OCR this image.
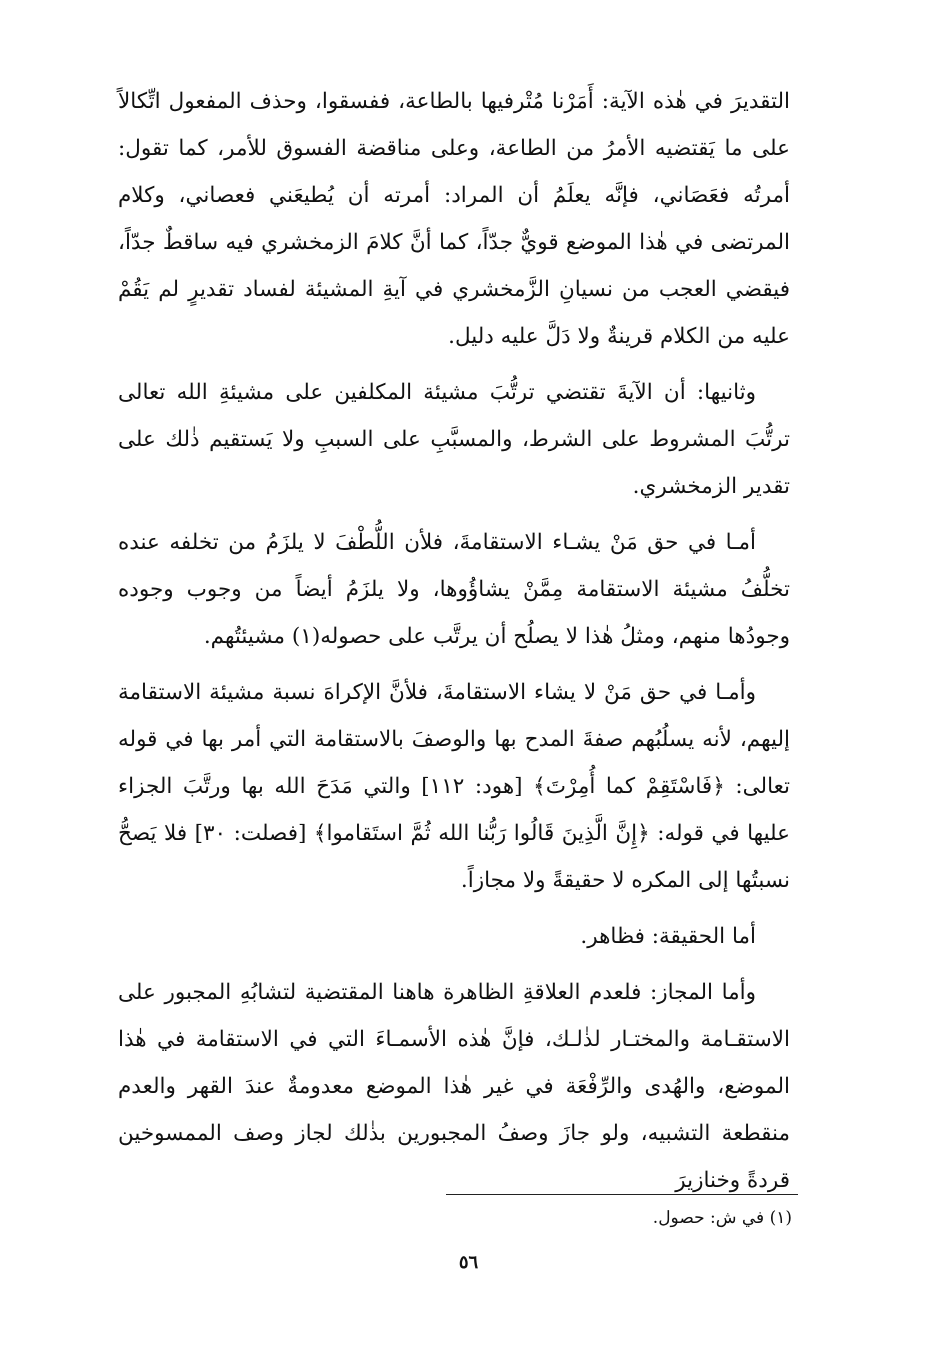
التقديرَ في هٰذه الآية: أَمَرْنا مُتْرفيها بالطاعة، ففسقوا، وحذف المفعول اتِّكالاً على ما يَقتضيه الأمرُ من الطاعة، وعلى مناقضة الفسوق للأمر، كما تقول: أمرتُه فعَصَاني، فإنَّه يعلَمُ أن المراد: أمرته أن يُطيعَني فعصاني، وكلام المرتضى في هٰذا الموضع قويٌّ جدّاً، كما أنَّ كلامَ الزمخشري فيه ساقطٌ جدّاً، فيقضي العجب من نسيانِ الزَّمخشري في آيةِ المشيئة لفساد تقديرٍ لم يَقُمْ عليه من الكلام قرينةٌ ولا دَلَّ عليه دليل.

وثانيها: أن الآيةَ تقتضي ترتُّبَ مشيئة المكلفين على مشيئةِ الله تعالى ترتُّبَ المشروط على الشرط، والمسبَّبِ على السببِ ولا يَستقيم ذٰلك على تقدير الزمخشري.

أمـا في حق مَنْ يشـاء الاستقامةَ، فلأن اللُّطْفَ لا يلزَمُ من تخلفه عنده تخلُّفُ مشيئة الاستقامة مِمَّنْ يشاؤُوها، ولا يلزَمُ أيضاً من وجوب وجوده وجودُها منهم، ومثلُ هٰذا لا يصلُح أن يرتَّب على حصوله(١) مشيئتُهم.

وأمـا في حق مَنْ لا يشاء الاستقامةَ، فلأنَّ الإكراهَ نسبة مشيئة الاستقامة إليهم، لأنه يسلُبُهم صفةَ المدح بها والوصفَ بالاستقامة التي أمر بها في قوله تعالى: ﴿فَاسْتَقِمْ كما أُمِرْتَ﴾ [هود: ١١٢] والتي مَدَحَ الله بها ورتَّبَ الجزاء عليها في قوله: ﴿إِنَّ الَّذِينَ قَالُوا رَبُّنا الله ثُمَّ استَقاموا﴾ [فصلت: ٣٠] فلا يَصحُّ نسبتُها إلى المكره لا حقيقةً ولا مجازاً.

أما الحقيقة: فظاهر.

وأما المجاز: فلعدم العلاقةِ الظاهرة هاهنا المقتضية لتشابُهِ المجبور على الاستقـامة والمختـار لذٰلـك، فإنَّ هٰذه الأسمـاءَ التي في الاستقامة في هٰذا الموضع، والهُدى والرِّفْعَة في غير هٰذا الموضع معدومةٌ عندَ القهر والعدم منقطعة التشبيه، ولو جازَ وصفُ المجبورين بذٰلك لجاز وصف الممسوخين قردةً وخنازيرَ

(١) في ش: حصول.
٥٦
